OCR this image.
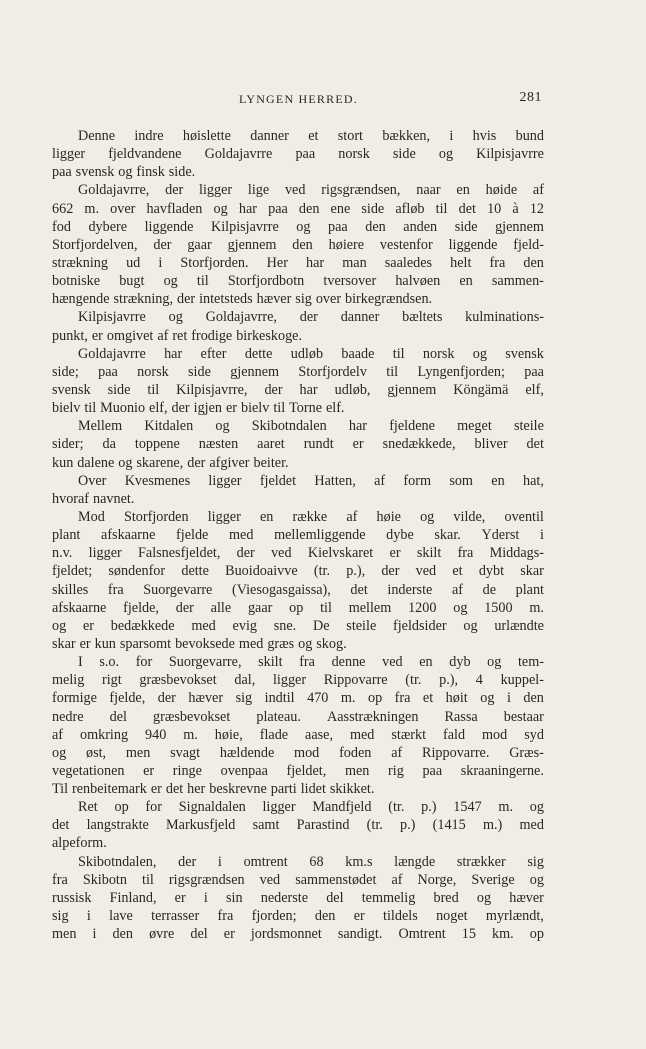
LYNGEN HERRED.	281
Denne indre høislette danner et stort bækken, i hvis bund
ligger fjeldvandene Goldajavrre paa norsk side og Kilpisjavrre
paa svensk og finsk side.
Goldajavrre, der ligger lige ved rigsgrændsen, naar en høide af
662 m. over havfladen og har paa den ene side afløb til det 10 à 12
fod dybere liggende Kilpisjavrre og paa den anden side gjennem
Storfjordelven, der gaar gjennem den høiere vestenfor liggende fjeld-
strækning ud i Storfjorden. Her har man saaledes helt fra den
botniske bugt og til Storfjordbotn tversover halvøen en sammen-
hængende strækning, der intetsteds hæver sig over birkegrændsen.
Kilpisjavrre og Goldajavrre, der danner bæltets kulminations-
punkt, er omgivet af ret frodige birkeskoge.
Goldajavrre har efter dette udløb baade til norsk og svensk
side; paa norsk side gjennem Storfjordelv til Lyngenfjorden; paa
svensk side til Kilpisjavrre, der har udløb, gjennem Köngämä elf,
bielv til Muonio elf, der igjen er bielv til Torne elf.
Mellem Kitdalen og Skibotndalen har fjeldene meget steile
sider; da toppene næsten aaret rundt er snedækkede, bliver det
kun dalene og skarene, der afgiver beiter.
Over Kvesmenes ligger fjeldet Hatten, af form som en hat,
hvoraf navnet.
Mod Storfjorden ligger en række af høie og vilde, oventil
plant afskaarne fjelde med mellemliggende dybe skar. Yderst i
n.v. ligger Falsnesfjeldet, der ved Kielvskaret er skilt fra Middags-
fjeldet; søndenfor dette Buoidoaivve (tr. p.), der ved et dybt skar
skilles fra Suorgevarre (Viesogasgaissa), det inderste af de plant
afskaarne fjelde, der alle gaar op til mellem 1200 og 1500 m.
og er bedækkede med evig sne. De steile fjeldsider og urlændte
skar er kun sparsomt bevoksede med græs og skog.
I s.o. for Suorgevarre, skilt fra denne ved en dyb og tem-
melig rigt græsbevokset dal, ligger Rippovarre (tr. p.), 4 kuppel-
formige fjelde, der hæver sig indtil 470 m. op fra et høit og i den
nedre del græsbevokset plateau. Aasstrækningen Rassa bestaar
af omkring 940 m. høie, flade aase, med stærkt fald mod syd
og øst, men svagt hældende mod foden af Rippovarre. Græs-
vegetationen er ringe ovenpaa fjeldet, men rig paa skraaningerne.
Til renbeitemark er det her beskrevne parti lidet skikket.
Ret op for Signaldalen ligger Mandfjeld (tr. p.) 1547 m. og
det langstrakte Markusfjeld samt Parastind (tr. p.) (1415 m.) med
alpeform.
Skibotndalen, der i omtrent 68 km.s længde strækker sig
fra Skibotn til rigsgrændsen ved sammenstødet af Norge, Sverige og
russisk Finland, er i sin nederste del temmelig bred og hæver
sig i lave terrasser fra fjorden; den er tildels noget myrlændt,
men i den øvre del er jordsmonnet sandigt. Omtrent 15 km. op
